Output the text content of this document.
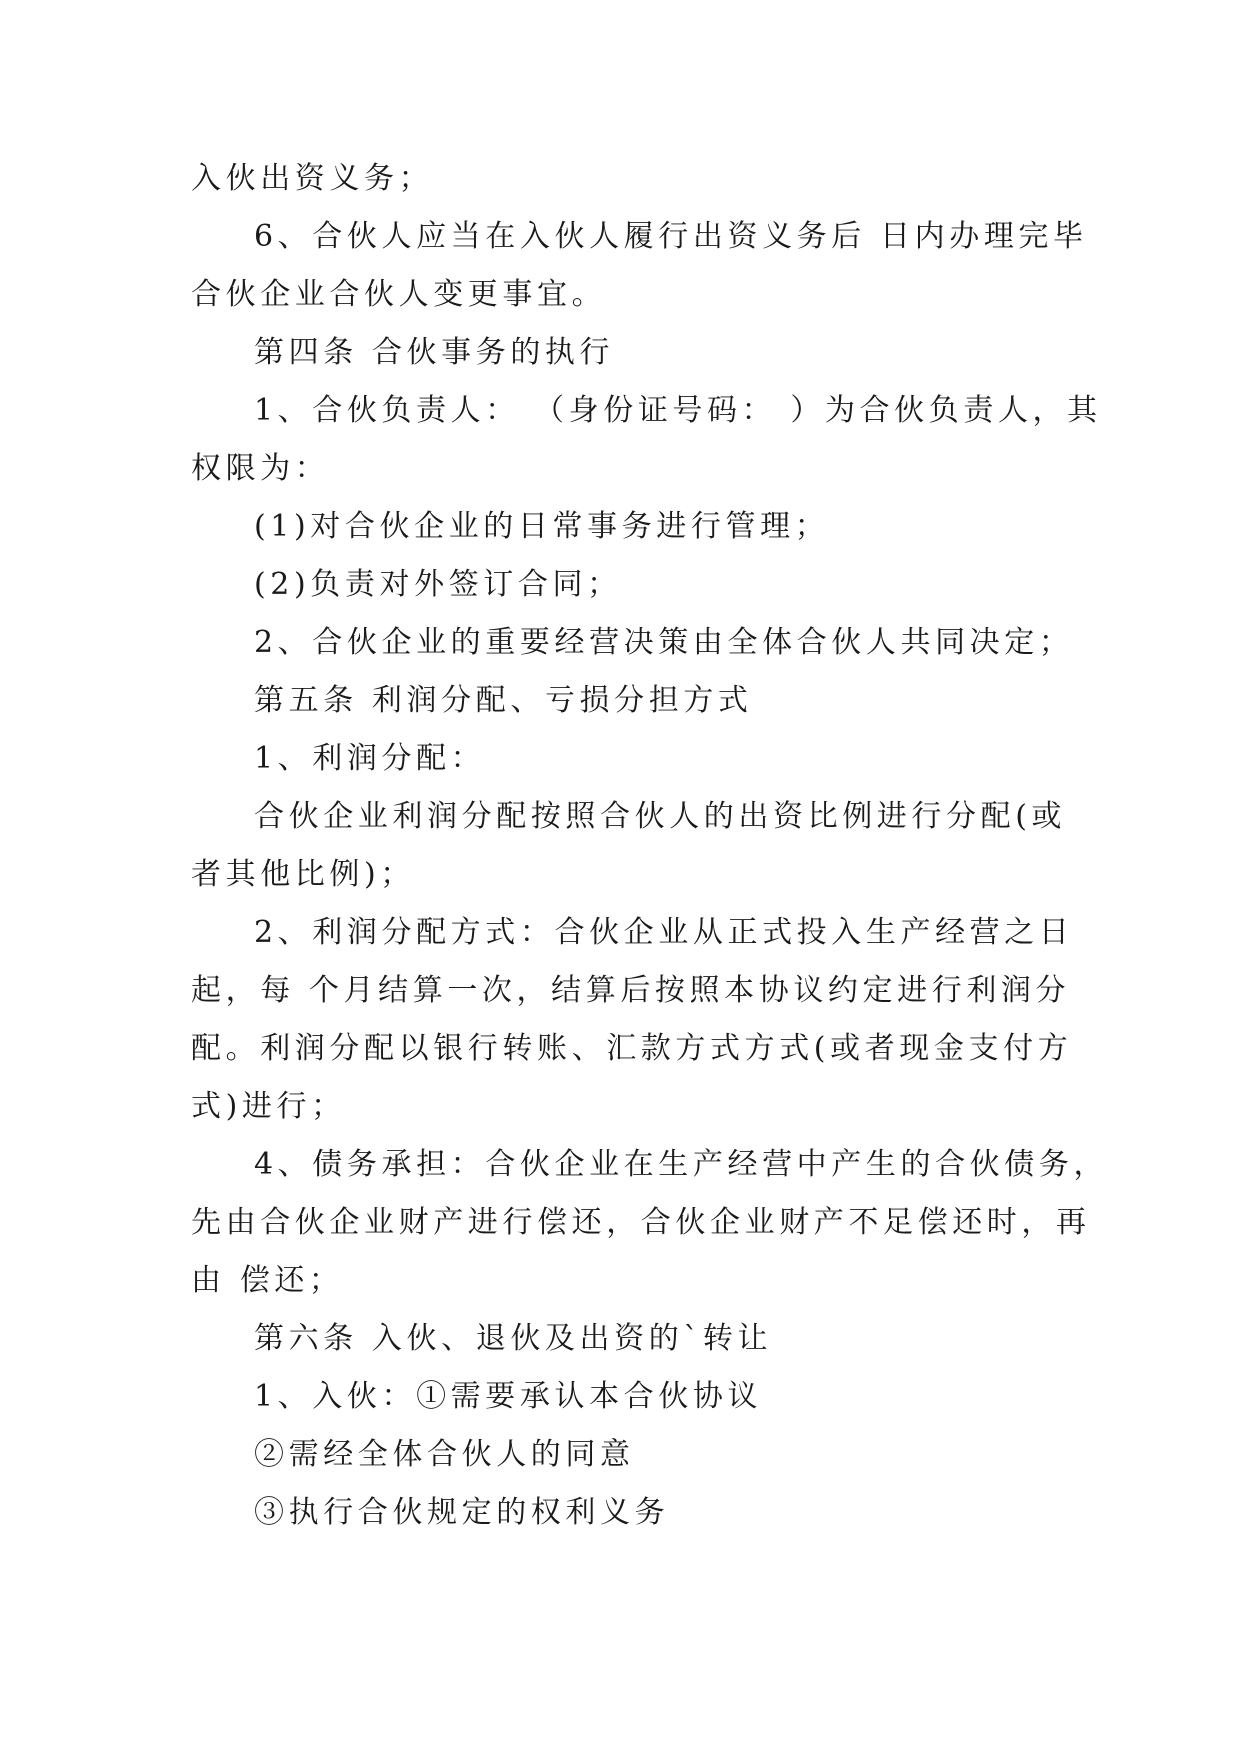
入伙出资义务；
6、合伙人应当在入伙人履行出资义务后 日内办理完毕
合伙企业合伙人变更事宜。
第四条 合伙事务的执行
1、合伙负责人： （身份证号码： ）为合伙负责人，其
权限为：
(1)对合伙企业的日常事务进行管理；
(2)负责对外签订合同；
2、合伙企业的重要经营决策由全体合伙人共同决定；
第五条 利润分配、亏损分担方式
1、利润分配：
合伙企业利润分配按照合伙人的出资比例进行分配(或
者其他比例)；
2、利润分配方式：合伙企业从正式投入生产经营之日
起，每 个月结算一次，结算后按照本协议约定进行利润分
配。利润分配以银行转账、汇款方式方式(或者现金支付方
式)进行；
4、债务承担：合伙企业在生产经营中产生的合伙债务，
先由合伙企业财产进行偿还，合伙企业财产不足偿还时，再
由 偿还；
第六条 入伙、退伙及出资的`转让
1、入伙：①需要承认本合伙协议
②需经全体合伙人的同意
③执行合伙规定的权利义务
